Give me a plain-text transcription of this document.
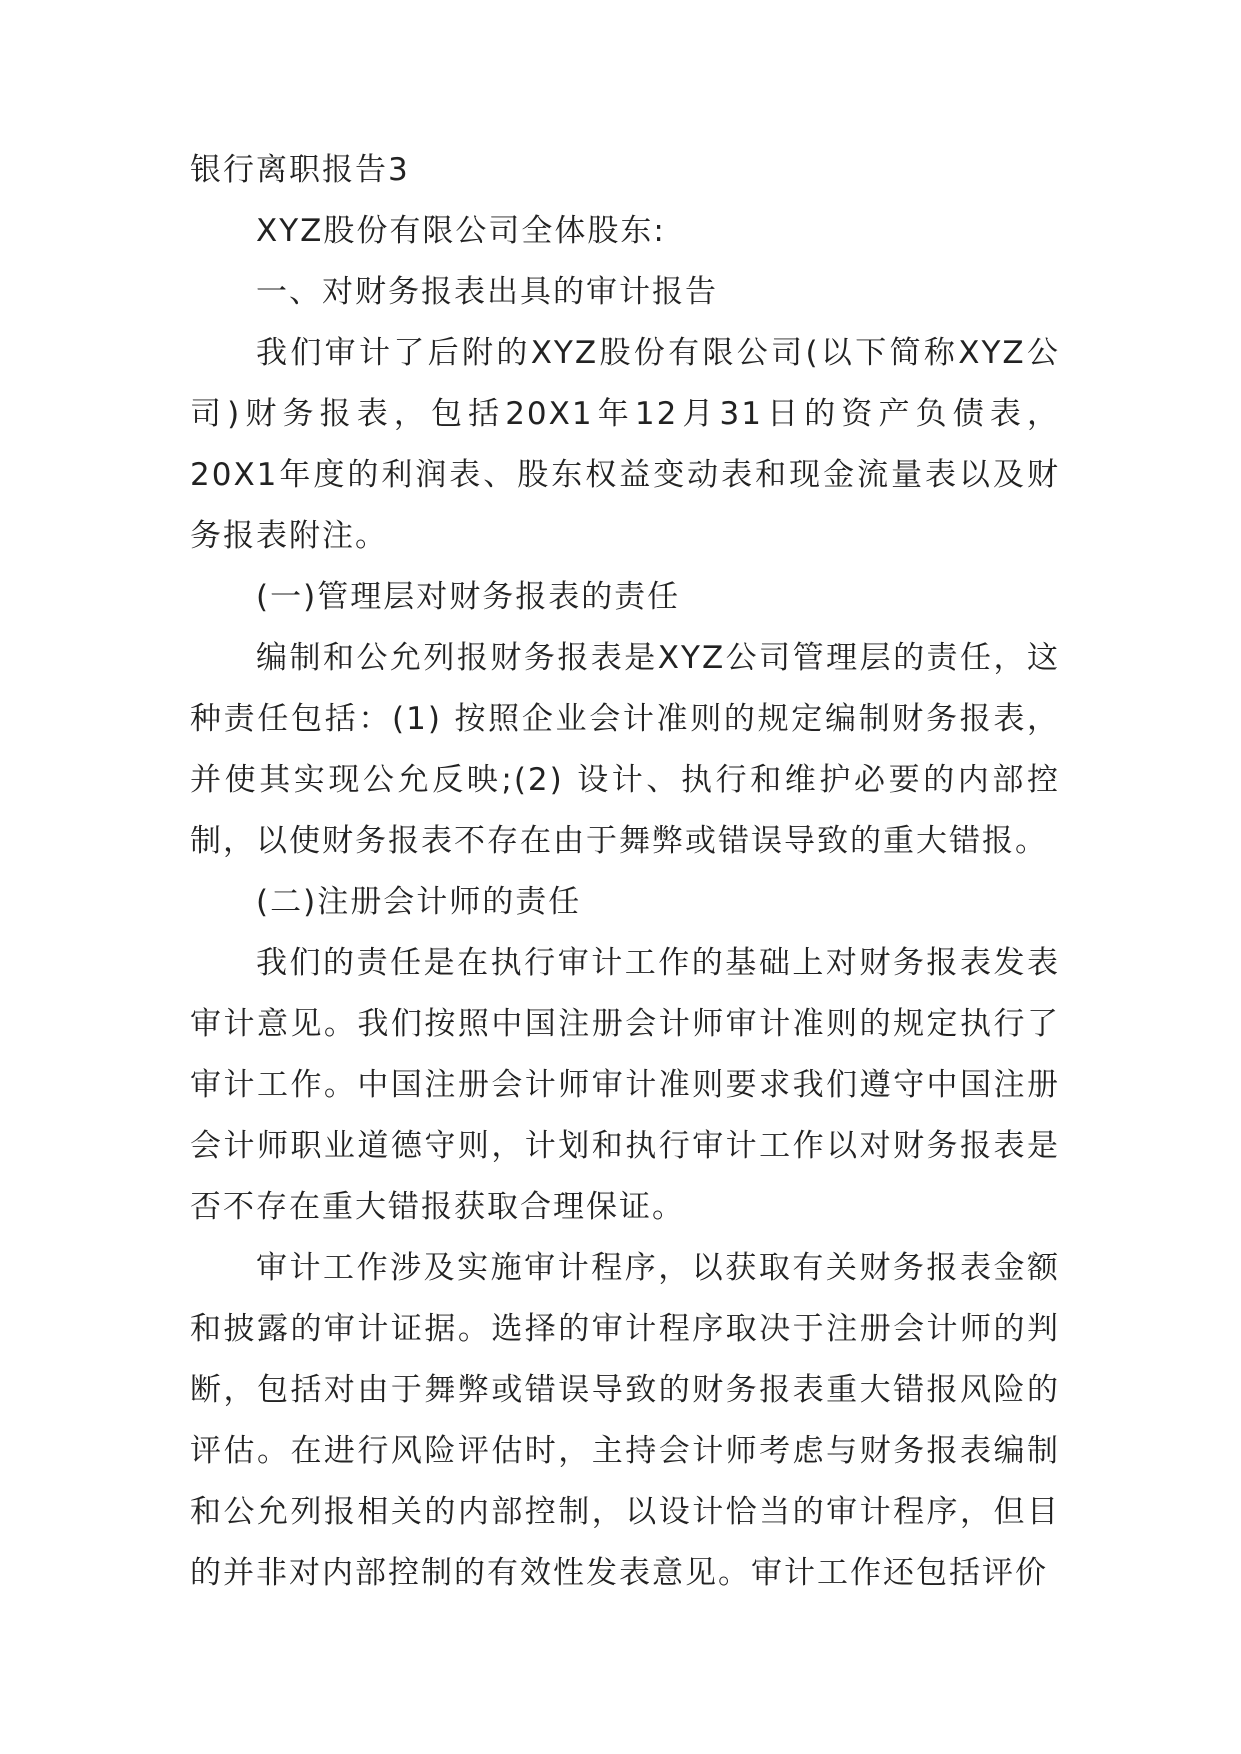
银行离职报告3

XYZ股份有限公司全体股东:

一、对财务报表出具的审计报告

我们审计了后附的XYZ股份有限公司(以下简称XYZ公司)财务报表，包括20X1年12月31日的资产负债表，20X1年度的利润表、股东权益变动表和现金流量表以及财务报表附注。

(一)管理层对财务报表的责任

编制和公允列报财务报表是XYZ公司管理层的责任，这种责任包括：(1) 按照企业会计准则的规定编制财务报表，并使其实现公允反映;(2) 设计、执行和维护必要的内部控制，以使财务报表不存在由于舞弊或错误导致的重大错报。

(二)注册会计师的责任

我们的责任是在执行审计工作的基础上对财务报表发表审计意见。我们按照中国注册会计师审计准则的规定执行了审计工作。中国注册会计师审计准则要求我们遵守中国注册会计师职业道德守则，计划和执行审计工作以对财务报表是否不存在重大错报获取合理保证。

审计工作涉及实施审计程序，以获取有关财务报表金额和披露的审计证据。选择的审计程序取决于注册会计师的判断，包括对由于舞弊或错误导致的财务报表重大错报风险的评估。在进行风险评估时，主持会计师考虑与财务报表编制和公允列报相关的内部控制，以设计恰当的审计程序，但目的并非对内部控制的有效性发表意见。审计工作还包括评价
